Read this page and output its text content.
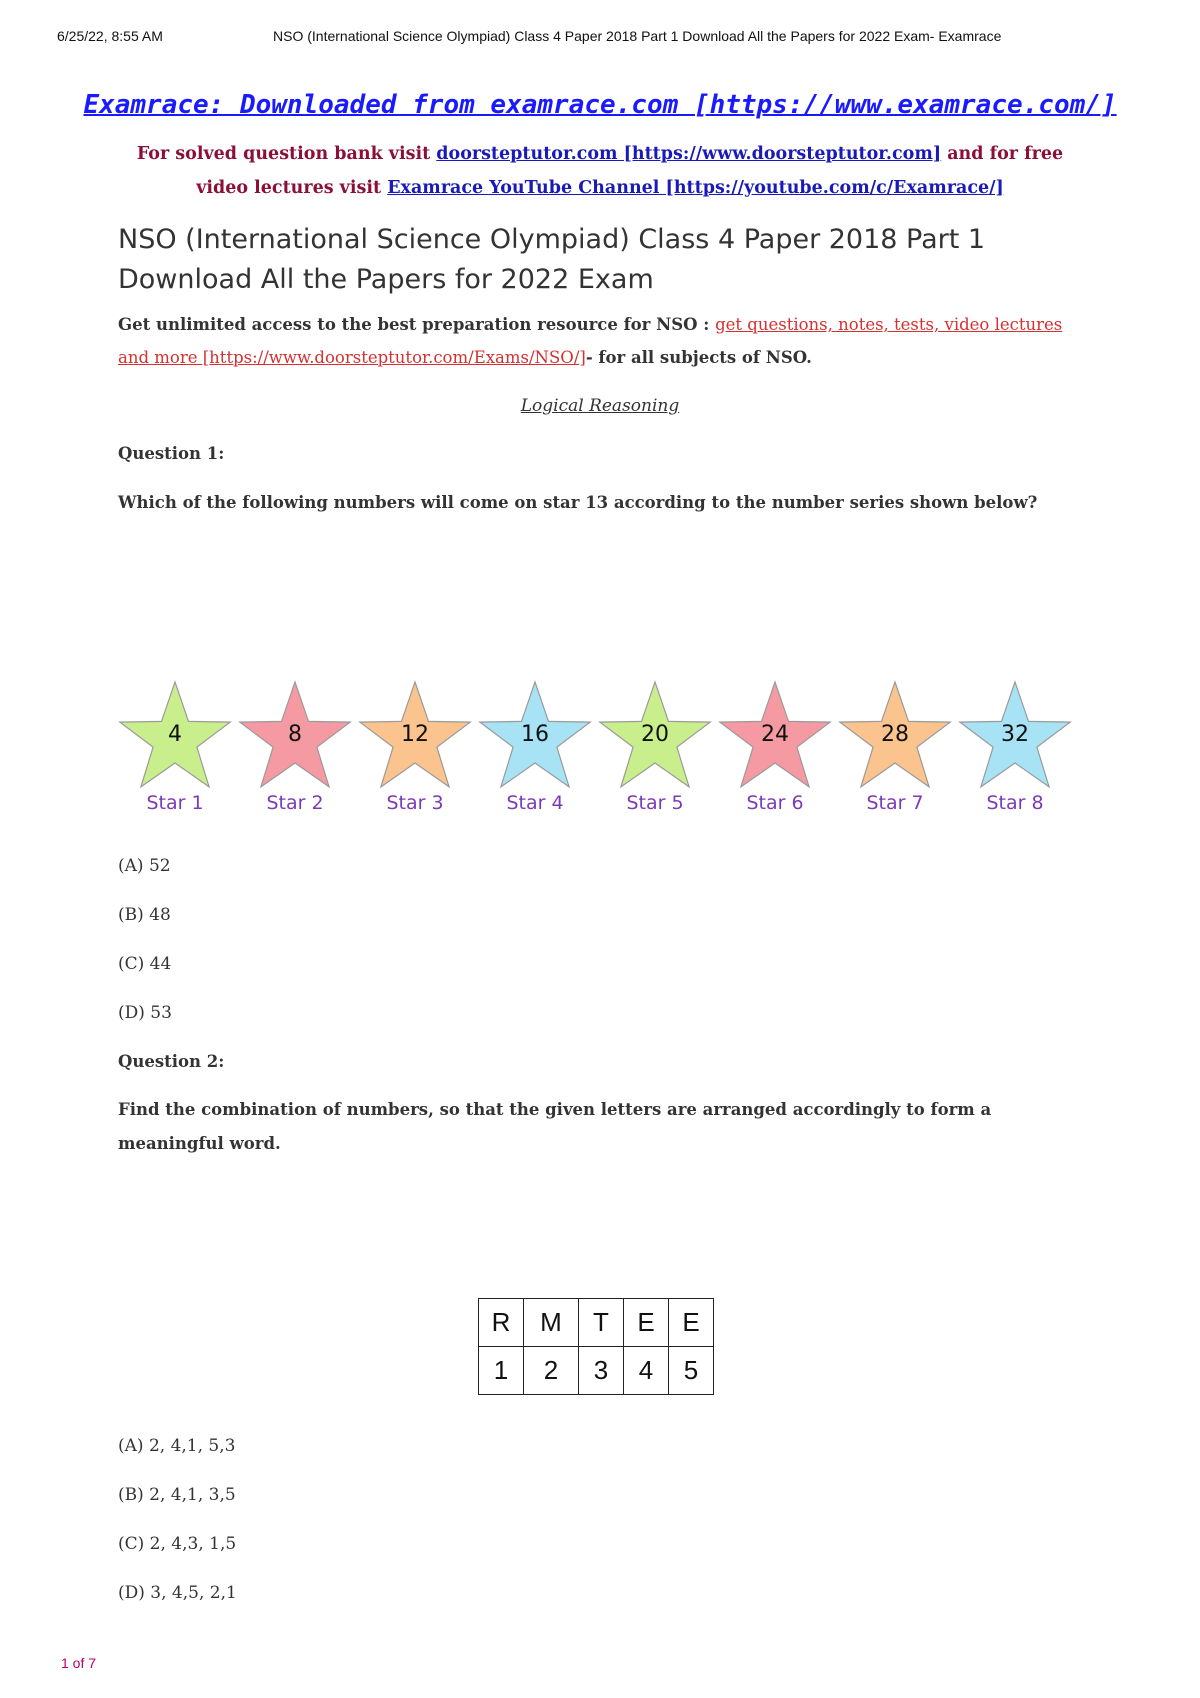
6/25/22, 8:55 AM	NSO (International Science Olympiad) Class 4 Paper 2018 Part 1 Download All the Papers for 2022 Exam- Examrace
Examrace: Downloaded from examrace.com [https://www.examrace.com/]
For solved question bank visit doorsteptutor.com [https://www.doorsteptutor.com] and for free video lectures visit Examrace YouTube Channel [https://youtube.com/c/Examrace/]
NSO (International Science Olympiad) Class 4 Paper 2018 Part 1 Download All the Papers for 2022 Exam
Get unlimited access to the best preparation resource for NSO : get questions, notes, tests, video lectures and more [https://www.doorsteptutor.com/Exams/NSO/]- for all subjects of NSO.
Logical Reasoning
Question 1:
Which of the following numbers will come on star 13 according to the number series shown below?
4
Star 1
8
Star 2
12
Star 3
16
Star 4
20
Star 5
24
Star 6
28
Star 7
32
Star 8
(A) 52
(B) 48
(C) 44
(D) 53
Question 2:
Find the combination of numbers, so that the given letters are arranged accordingly to form a meaningful word.
R	M	T	E	E
1	2	3	4	5
(A) 2, 4,1, 5,3
(B) 2, 4,1, 3,5
(C) 2, 4,3, 1,5
(D) 3, 4,5, 2,1
1 of 7
